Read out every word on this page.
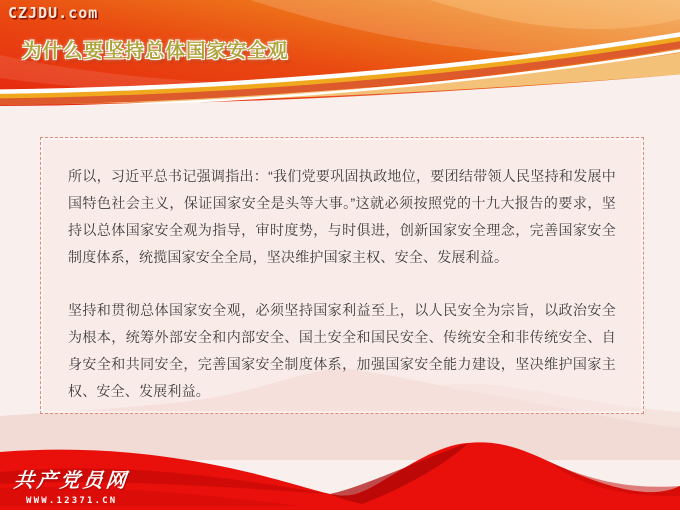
CZJDU.com
为什么要坚持总体国家安全观

所以，习近平总书记强调指出：“我们党要巩固执政地位，要团结带领人民坚持和发展中国特色社会主义，保证国家安全是头等大事。”这就必须按照党的十九大报告的要求，坚持以总体国家安全观为指导，审时度势，与时俱进，创新国家安全理念，完善国家安全制度体系，统揽国家安全全局，坚决维护国家主权、安全、发展利益。

坚持和贯彻总体国家安全观，必须坚持国家利益至上，以人民安全为宗旨，以政治安全为根本，统筹外部安全和内部安全、国土安全和国民安全、传统安全和非传统安全、自身安全和共同安全，完善国家安全制度体系，加强国家安全能力建设，坚决维护国家主权、安全、发展利益。

共产党员网
WWW.12371.CN
